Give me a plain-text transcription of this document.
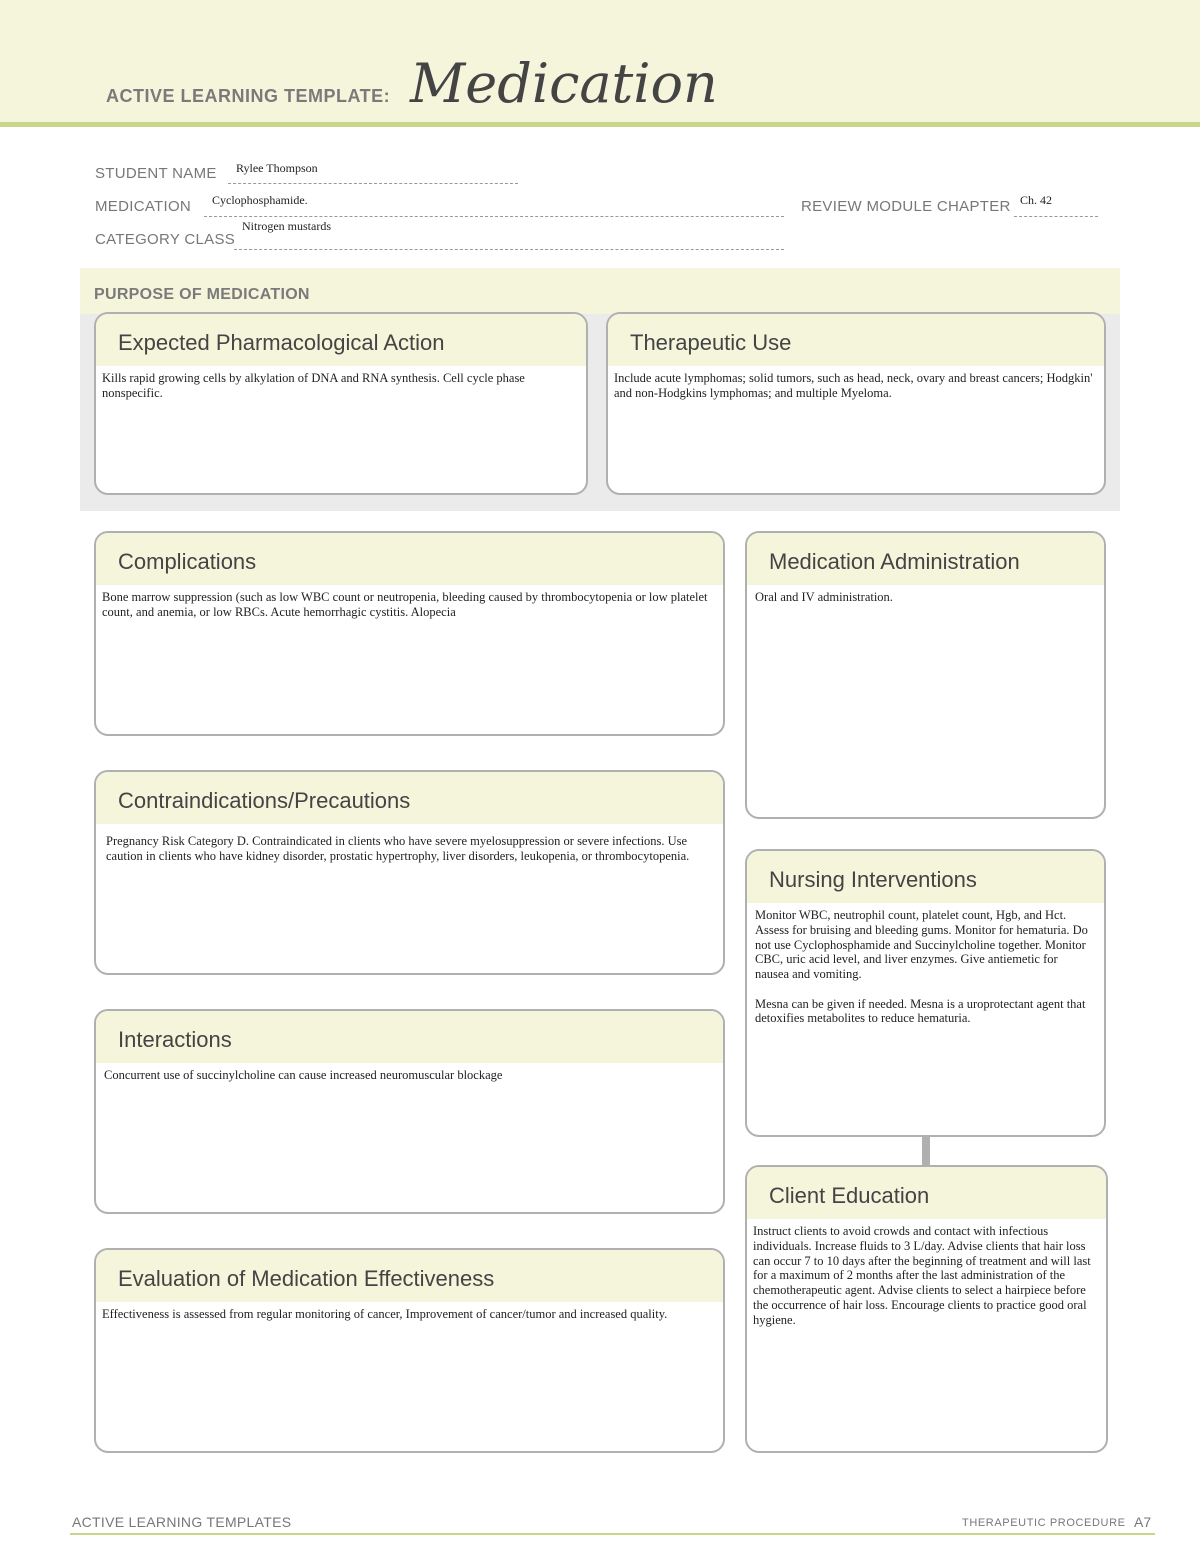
ACTIVE LEARNING TEMPLATE: Medication
STUDENT NAME Rylee Thompson
MEDICATION Cyclophosphamide.	REVIEW MODULE CHAPTER Ch. 42
CATEGORY CLASS
Nitrogen mustards
PURPOSE OF MEDICATION
Expected Pharmacological Action
Kills rapid growing cells by alkylation of DNA and RNA synthesis. Cell cycle phase nonspecific.
Therapeutic Use
Include acute lymphomas; solid tumors, such as head, neck, ovary and breast cancers; Hodgkin' and non-Hodgkins lymphomas; and multiple Myeloma.
Complications
Bone marrow suppression (such as low WBC count or neutropenia, bleeding caused by thrombocytopenia or low platelet count, and anemia, or low RBCs. Acute hemorrhagic cystitis. Alopecia
Contraindications/Precautions
Pregnancy Risk Category D. Contraindicated in clients who have severe myelosuppression or severe infections. Use caution in clients who have kidney disorder, prostatic hypertrophy, liver disorders, leukopenia, or thrombocytopenia.
Interactions
Concurrent use of succinylcholine can cause increased neuromuscular blockage
Evaluation of Medication Effectiveness
Effectiveness is assessed from regular monitoring of cancer, Improvement of cancer/tumor and increased quality.
Medication Administration
Oral and IV administration.
Nursing Interventions
Monitor WBC, neutrophil count, platelet count, Hgb, and Hct. Assess for bruising and bleeding gums. Monitor for hematuria. Do not use Cyclophosphamide and Succinylcholine together. Monitor CBC, uric acid level, and liver enzymes. Give antiemetic for nausea and vomiting.

Mesna can be given if needed. Mesna is a uroprotectant agent that detoxifies metabolites to reduce hematuria.
Client Education
Instruct clients to avoid crowds and contact with infectious individuals. Increase fluids to 3 L/day. Advise clients that hair loss can occur 7 to 10 days after the beginning of treatment and will last for a maximum of 2 months after the last administration of the chemotherapeutic agent. Advise clients to select a hairpiece before the occurrence of hair loss. Encourage clients to practice good oral hygiene.
ACTIVE LEARNING TEMPLATES	THERAPEUTIC PROCEDURE A7
